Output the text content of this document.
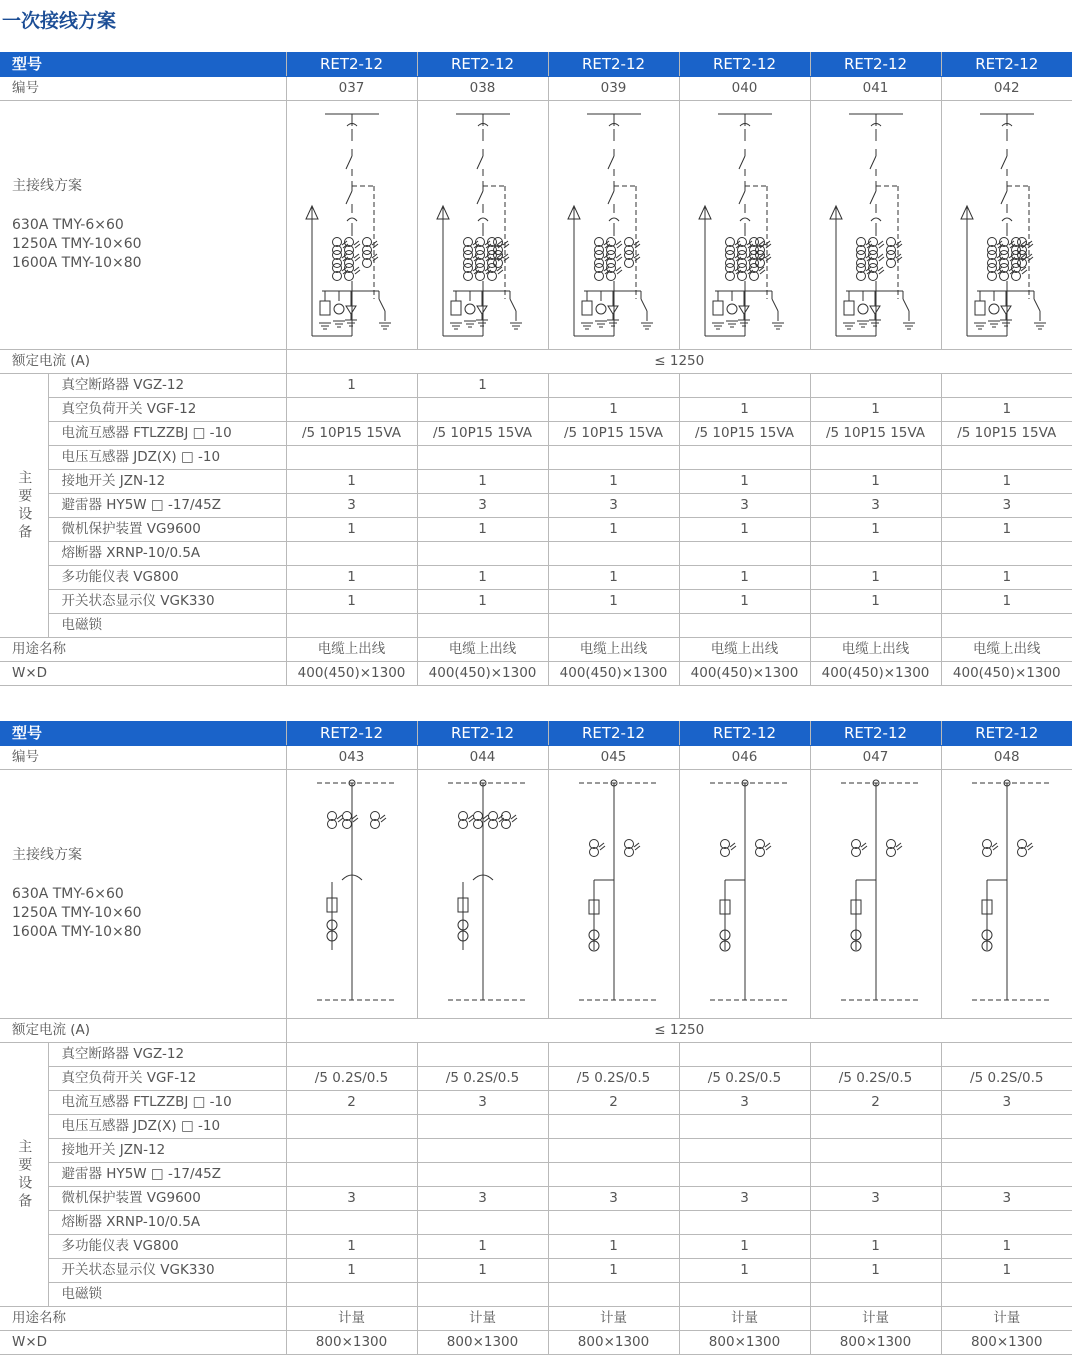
一次接线方案
型号		RET2-12	RET2-12	RET2-12	RET2-12	RET2-12	RET2-12
编号		037	038	039	040	041	042

主接线方案
630A TMY-6×60
1250A TMY-10×60
1600A TMY-10×80

额定电流 (A)		≤ 1250					
主要设备	真空断路器 VGZ-12	1	1				
	真空负荷开关 VGF-12			1	1	1	1
	电流互感器 FTLZZBJ □ -10	/5 10P15 15VA	/5 10P15 15VA	/5 10P15 15VA	/5 10P15 15VA	/5 10P15 15VA	/5 10P15 15VA
	电压互感器 JDZ(X) □ -10						
	接地开关 JZN-12	1	1	1	1	1	1
	避雷器 HY5W □ -17/45Z	3	3	3	3	3	3
	微机保护装置 VG9600	1	1	1	1	1	1
	熔断器 XRNP-10/0.5A						
	多功能仪表 VG800	1	1	1	1	1	1
	开关状态显示仪 VGK330	1	1	1	1	1	1
	电磁锁						
用途名称		电缆上出线	电缆上出线	电缆上出线	电缆上出线	电缆上出线	电缆上出线
W×D		400(450)×1300	400(450)×1300	400(450)×1300	400(450)×1300	400(450)×1300	400(450)×1300
型号		RET2-12	RET2-12	RET2-12	RET2-12	RET2-12	RET2-12
编号		043	044	045	046	047	048

主接线方案
630A TMY-6×60
1250A TMY-10×60
1600A TMY-10×80

额定电流 (A)		≤ 1250					
主要设备	真空断路器 VGZ-12						
	真空负荷开关 VGF-12	/5 0.2S/0.5	/5 0.2S/0.5	/5 0.2S/0.5	/5 0.2S/0.5	/5 0.2S/0.5	/5 0.2S/0.5
	电流互感器 FTLZZBJ □ -10	2	3	2	3	2	3
	电压互感器 JDZ(X) □ -10						
	接地开关 JZN-12						
	避雷器 HY5W □ -17/45Z						
	微机保护装置 VG9600	3	3	3	3	3	3
	熔断器 XRNP-10/0.5A						
	多功能仪表 VG800	1	1	1	1	1	1
	开关状态显示仪 VGK330	1	1	1	1	1	1
	电磁锁						
用途名称		计量	计量	计量	计量	计量	计量
W×D		800×1300	800×1300	800×1300	800×1300	800×1300	800×1300
